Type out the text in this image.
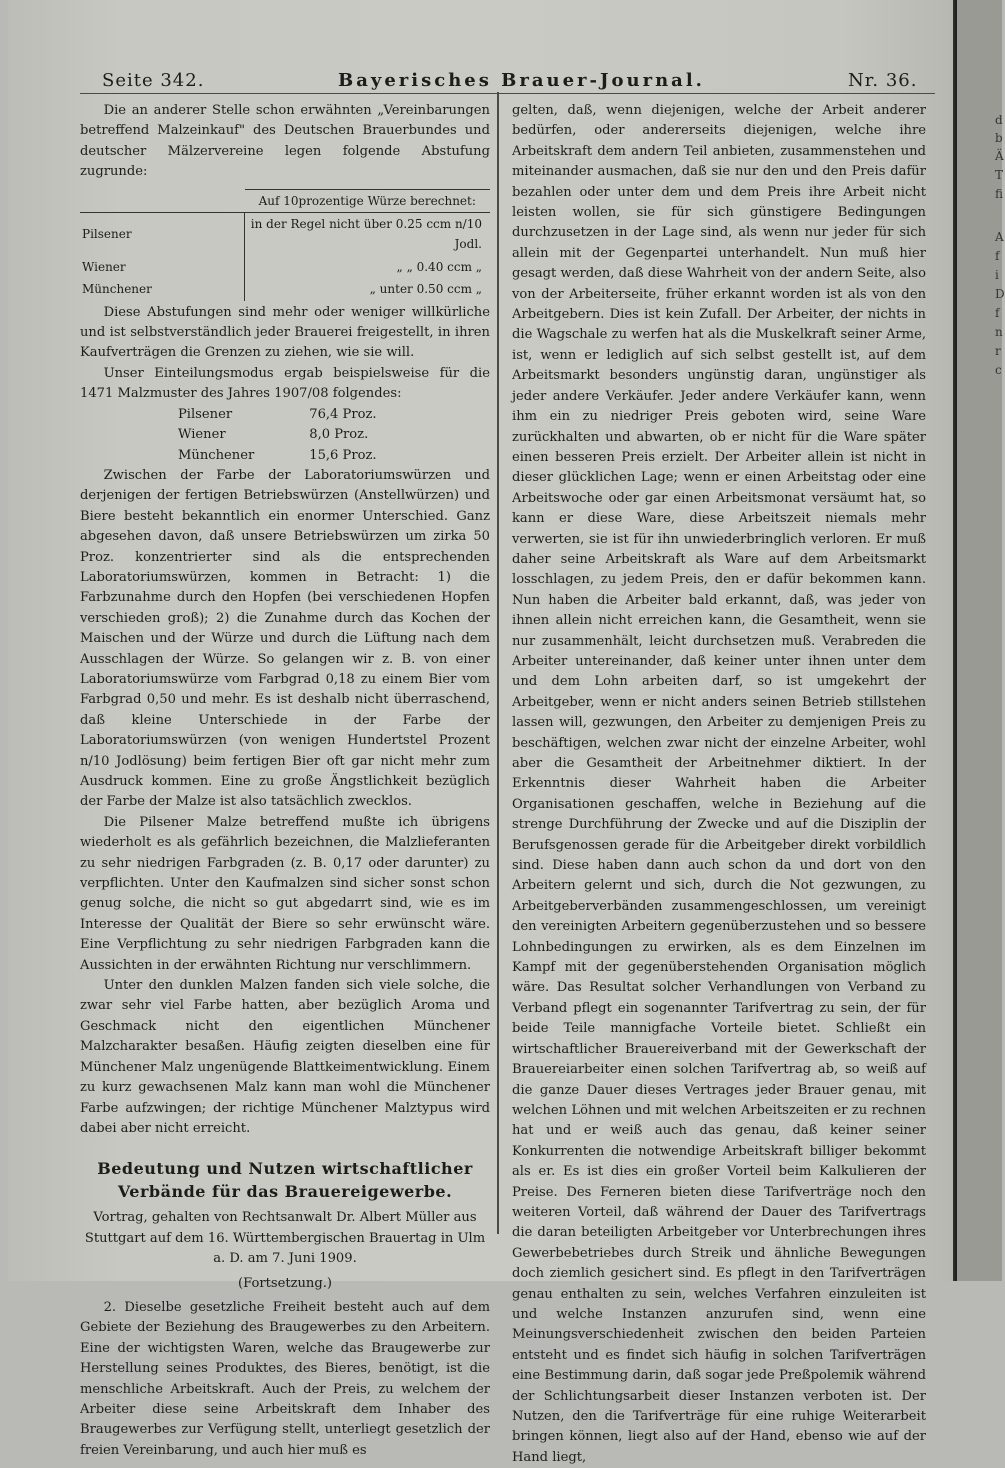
Seite 342.	Bayerisches Brauer-Journal.	Nr. 36.

Die an anderer Stelle schon erwähnten „Vereinbarungen betreffend Malzeinkauf" des Deutschen Brauerbundes und deutscher Mälzervereine legen folgende Abstufung zugrunde:

	Auf 10prozentige Würze berechnet:
Pilsener	in der Regel nicht über 0.25 ccm n/10 Jodl.
Wiener	„ „ 0.40 ccm „
Münchener	„ unter 0.50 ccm „

Diese Abstufungen sind mehr oder weniger willkürliche und ist selbstverständlich jeder Brauerei freigestellt, in ihren Kaufverträgen die Grenzen zu ziehen, wie sie will.

Unser Einteilungsmodus ergab beispielsweise für die 1471 Malzmuster des Jahres 1907/08 folgendes:

Pilsener	76,4 Proz.
Wiener	8,0 Proz.
Münchener	15,6 Proz.

Zwischen der Farbe der Laboratoriumswürzen und derjenigen der fertigen Betriebswürzen (Anstellwürzen) und Biere besteht bekanntlich ein enormer Unterschied. Ganz abgesehen davon, daß unsere Betriebswürzen um zirka 50 Proz. konzentrierter sind als die entsprechenden Laboratoriumswürzen, kommen in Betracht: 1) die Farbzunahme durch den Hopfen (bei verschiedenen Hopfen verschieden groß); 2) die Zunahme durch das Kochen der Maischen und der Würze und durch die Lüftung nach dem Ausschlagen der Würze. So gelangen wir z. B. von einer Laboratoriumswürze vom Farbgrad 0,18 zu einem Bier vom Farbgrad 0,50 und mehr. Es ist deshalb nicht überraschend, daß kleine Unterschiede in der Farbe der Laboratoriumswürzen (von wenigen Hundertstel Prozent n/10 Jodlösung) beim fertigen Bier oft gar nicht mehr zum Ausdruck kommen. Eine zu große Ängstlichkeit bezüglich der Farbe der Malze ist also tatsächlich zwecklos.

Die Pilsener Malze betreffend mußte ich übrigens wiederholt es als gefährlich bezeichnen, die Malzlieferanten zu sehr niedrigen Farbgraden (z. B. 0,17 oder darunter) zu verpflichten. Unter den Kaufmalzen sind sicher sonst schon genug solche, die nicht so gut abgedarrt sind, wie es im Interesse der Qualität der Biere so sehr erwünscht wäre. Eine Verpflichtung zu sehr niedrigen Farbgraden kann die Aussichten in der erwähnten Richtung nur verschlimmern.

Unter den dunklen Malzen fanden sich viele solche, die zwar sehr viel Farbe hatten, aber bezüglich Aroma und Geschmack nicht den eigentlichen Münchener Malzcharakter besaßen. Häufig zeigten dieselben eine für Münchener Malz ungenügende Blattkeimentwicklung. Einem zu kurz gewachsenen Malz kann man wohl die Münchener Farbe aufzwingen; der richtige Münchener Malztypus wird dabei aber nicht erreicht.

Bedeutung und Nutzen wirtschaftlicher Verbände für das Brauereigewerbe.
Vortrag, gehalten von Rechtsanwalt Dr. Albert Müller aus Stuttgart auf dem 16. Württembergischen Brauertag in Ulm a. D. am 7. Juni 1909.
(Fortsetzung.)

2. Dieselbe gesetzliche Freiheit besteht auch auf dem Gebiete der Beziehung des Braugewerbes zu den Arbeitern. Eine der wichtigsten Waren, welche das Braugewerbe zur Herstellung seines Produktes, des Bieres, benötigt, ist die menschliche Arbeitskraft. Auch der Preis, zu welchem der Arbeiter diese seine Arbeitskraft dem Inhaber des Braugewerbes zur Verfügung stellt, unterliegt gesetzlich der freien Vereinbarung, und auch hier muß es

gelten, daß, wenn diejenigen, welche der Arbeit anderer bedürfen, oder andererseits diejenigen, welche ihre Arbeitskraft dem andern Teil anbieten, zusammenstehen und miteinander ausmachen, daß sie nur den und den Preis dafür bezahlen oder unter dem und dem Preis ihre Arbeit nicht leisten wollen, sie für sich günstigere Bedingungen durchzusetzen in der Lage sind, als wenn nur jeder für sich allein mit der Gegenpartei unterhandelt. Nun muß hier gesagt werden, daß diese Wahrheit von der andern Seite, also von der Arbeiterseite, früher erkannt worden ist als von den Arbeitgebern. Dies ist kein Zufall. Der Arbeiter, der nichts in die Wagschale zu werfen hat als die Muskelkraft seiner Arme, ist, wenn er lediglich auf sich selbst gestellt ist, auf dem Arbeitsmarkt besonders ungünstig daran, ungünstiger als jeder andere Verkäufer. Jeder andere Verkäufer kann, wenn ihm ein zu niedriger Preis geboten wird, seine Ware zurückhalten und abwarten, ob er nicht für die Ware später einen besseren Preis erzielt. Der Arbeiter allein ist nicht in dieser glücklichen Lage; wenn er einen Arbeitstag oder eine Arbeitswoche oder gar einen Arbeitsmonat versäumt hat, so kann er diese Ware, diese Arbeitszeit niemals mehr verwerten, sie ist für ihn unwiederbringlich verloren. Er muß daher seine Arbeitskraft als Ware auf dem Arbeitsmarkt losschlagen, zu jedem Preis, den er dafür bekommen kann. Nun haben die Arbeiter bald erkannt, daß, was jeder von ihnen allein nicht erreichen kann, die Gesamtheit, wenn sie nur zusammenhält, leicht durchsetzen muß. Verabreden die Arbeiter untereinander, daß keiner unter ihnen unter dem und dem Lohn arbeiten darf, so ist umgekehrt der Arbeitgeber, wenn er nicht anders seinen Betrieb stillstehen lassen will, gezwungen, den Arbeiter zu demjenigen Preis zu beschäftigen, welchen zwar nicht der einzelne Arbeiter, wohl aber die Gesamtheit der Arbeitnehmer diktiert. In der Erkenntnis dieser Wahrheit haben die Arbeiter Organisationen geschaffen, welche in Beziehung auf die strenge Durchführung der Zwecke und auf die Disziplin der Berufsgenossen gerade für die Arbeitgeber direkt vorbildlich sind. Diese haben dann auch schon da und dort von den Arbeitern gelernt und sich, durch die Not gezwungen, zu Arbeitgeberverbänden zusammengeschlossen, um vereinigt den vereinigten Arbeitern gegenüberzustehen und so bessere Lohnbedingungen zu erwirken, als es dem Einzelnen im Kampf mit der gegenüberstehenden Organisation möglich wäre. Das Resultat solcher Verhandlungen von Verband zu Verband pflegt ein sogenannter Tarifvertrag zu sein, der für beide Teile mannigfache Vorteile bietet. Schließt ein wirtschaftlicher Brauereiverband mit der Gewerkschaft der Brauereiarbeiter einen solchen Tarifvertrag ab, so weiß auf die ganze Dauer dieses Vertrages jeder Brauer genau, mit welchen Löhnen und mit welchen Arbeitszeiten er zu rechnen hat und er weiß auch das genau, daß keiner seiner Konkurrenten die notwendige Arbeitskraft billiger bekommt als er. Es ist dies ein großer Vorteil beim Kalkulieren der Preise. Des Ferneren bieten diese Tarifverträge noch den weiteren Vorteil, daß während der Dauer des Tarifvertrags die daran beteiligten Arbeitgeber vor Unterbrechungen ihres Gewerbebetriebes durch Streik und ähnliche Bewegungen doch ziemlich gesichert sind. Es pflegt in den Tarifverträgen genau enthalten zu sein, welches Verfahren einzuleiten ist und welche Instanzen anzurufen sind, wenn eine Meinungsverschiedenheit zwischen den beiden Parteien entsteht und es findet sich häufig in solchen Tarifverträgen eine Bestimmung darin, daß sogar jede Preßpolemik während der Schlichtungsarbeit dieser Instanzen verboten ist. Der Nutzen, den die Tarifverträge für eine ruhige Weiterarbeit bringen können, liegt also auf der Hand, ebenso wie auf der Hand liegt,

d
b
Ä
T
fi
A
f
i
D
f
n
r
c
